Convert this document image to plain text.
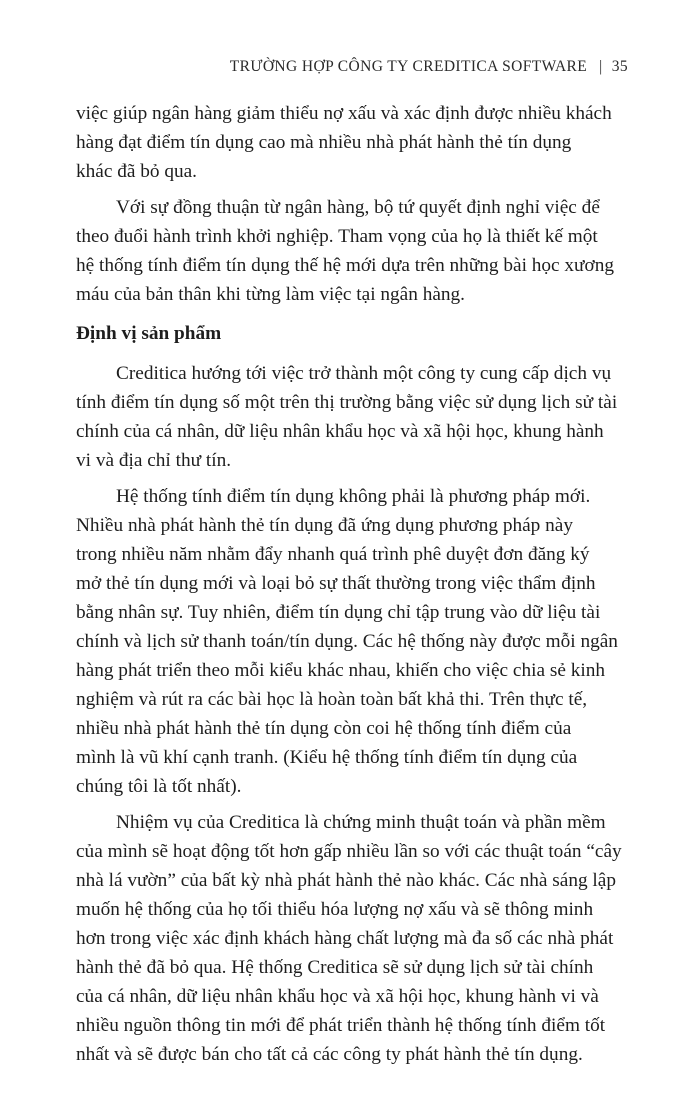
TRƯỜNG HỢP CÔNG TY CREDITICA SOFTWARE | 35
việc giúp ngân hàng giảm thiểu nợ xấu và xác định được nhiều khách
hàng đạt điểm tín dụng cao mà nhiều nhà phát hành thẻ tín dụng
khác đã bỏ qua.
Với sự đồng thuận từ ngân hàng, bộ tứ quyết định nghỉ việc để
theo đuổi hành trình khởi nghiệp. Tham vọng của họ là thiết kế một
hệ thống tính điểm tín dụng thế hệ mới dựa trên những bài học xương
máu của bản thân khi từng làm việc tại ngân hàng.
Định vị sản phẩm
Creditica hướng tới việc trở thành một công ty cung cấp dịch vụ
tính điểm tín dụng số một trên thị trường bằng việc sử dụng lịch sử tài
chính của cá nhân, dữ liệu nhân khẩu học và xã hội học, khung hành
vi và địa chỉ thư tín.
Hệ thống tính điểm tín dụng không phải là phương pháp mới.
Nhiều nhà phát hành thẻ tín dụng đã ứng dụng phương pháp này
trong nhiều năm nhằm đẩy nhanh quá trình phê duyệt đơn đăng ký
mở thẻ tín dụng mới và loại bỏ sự thất thường trong việc thẩm định
bằng nhân sự. Tuy nhiên, điểm tín dụng chỉ tập trung vào dữ liệu tài
chính và lịch sử thanh toán/tín dụng. Các hệ thống này được mỗi ngân
hàng phát triển theo mỗi kiểu khác nhau, khiến cho việc chia sẻ kinh
nghiệm và rút ra các bài học là hoàn toàn bất khả thi. Trên thực tế,
nhiều nhà phát hành thẻ tín dụng còn coi hệ thống tính điểm của
mình là vũ khí cạnh tranh. (Kiểu hệ thống tính điểm tín dụng của
chúng tôi là tốt nhất).
Nhiệm vụ của Creditica là chứng minh thuật toán và phần mềm
của mình sẽ hoạt động tốt hơn gấp nhiều lần so với các thuật toán “cây
nhà lá vườn” của bất kỳ nhà phát hành thẻ nào khác. Các nhà sáng lập
muốn hệ thống của họ tối thiểu hóa lượng nợ xấu và sẽ thông minh
hơn trong việc xác định khách hàng chất lượng mà đa số các nhà phát
hành thẻ đã bỏ qua. Hệ thống Creditica sẽ sử dụng lịch sử tài chính
của cá nhân, dữ liệu nhân khẩu học và xã hội học, khung hành vi và
nhiều nguồn thông tin mới để phát triển thành hệ thống tính điểm tốt
nhất và sẽ được bán cho tất cả các công ty phát hành thẻ tín dụng.
